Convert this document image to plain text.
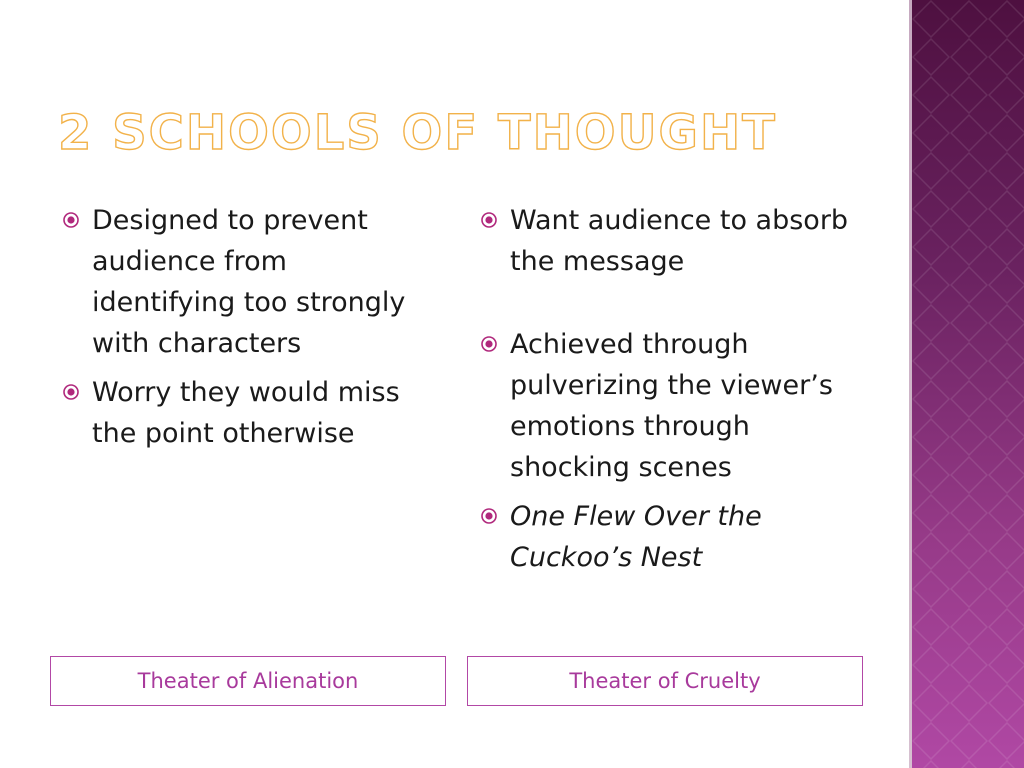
2 SCHOOLS OF THOUGHT
Designed to prevent audience from identifying too strongly with characters
Worry they would miss the point otherwise
Want audience to absorb the message
Achieved through pulverizing the viewer’s emotions through shocking scenes
One Flew Over the Cuckoo’s Nest
Theater of Alienation	Theater of Cruelty
